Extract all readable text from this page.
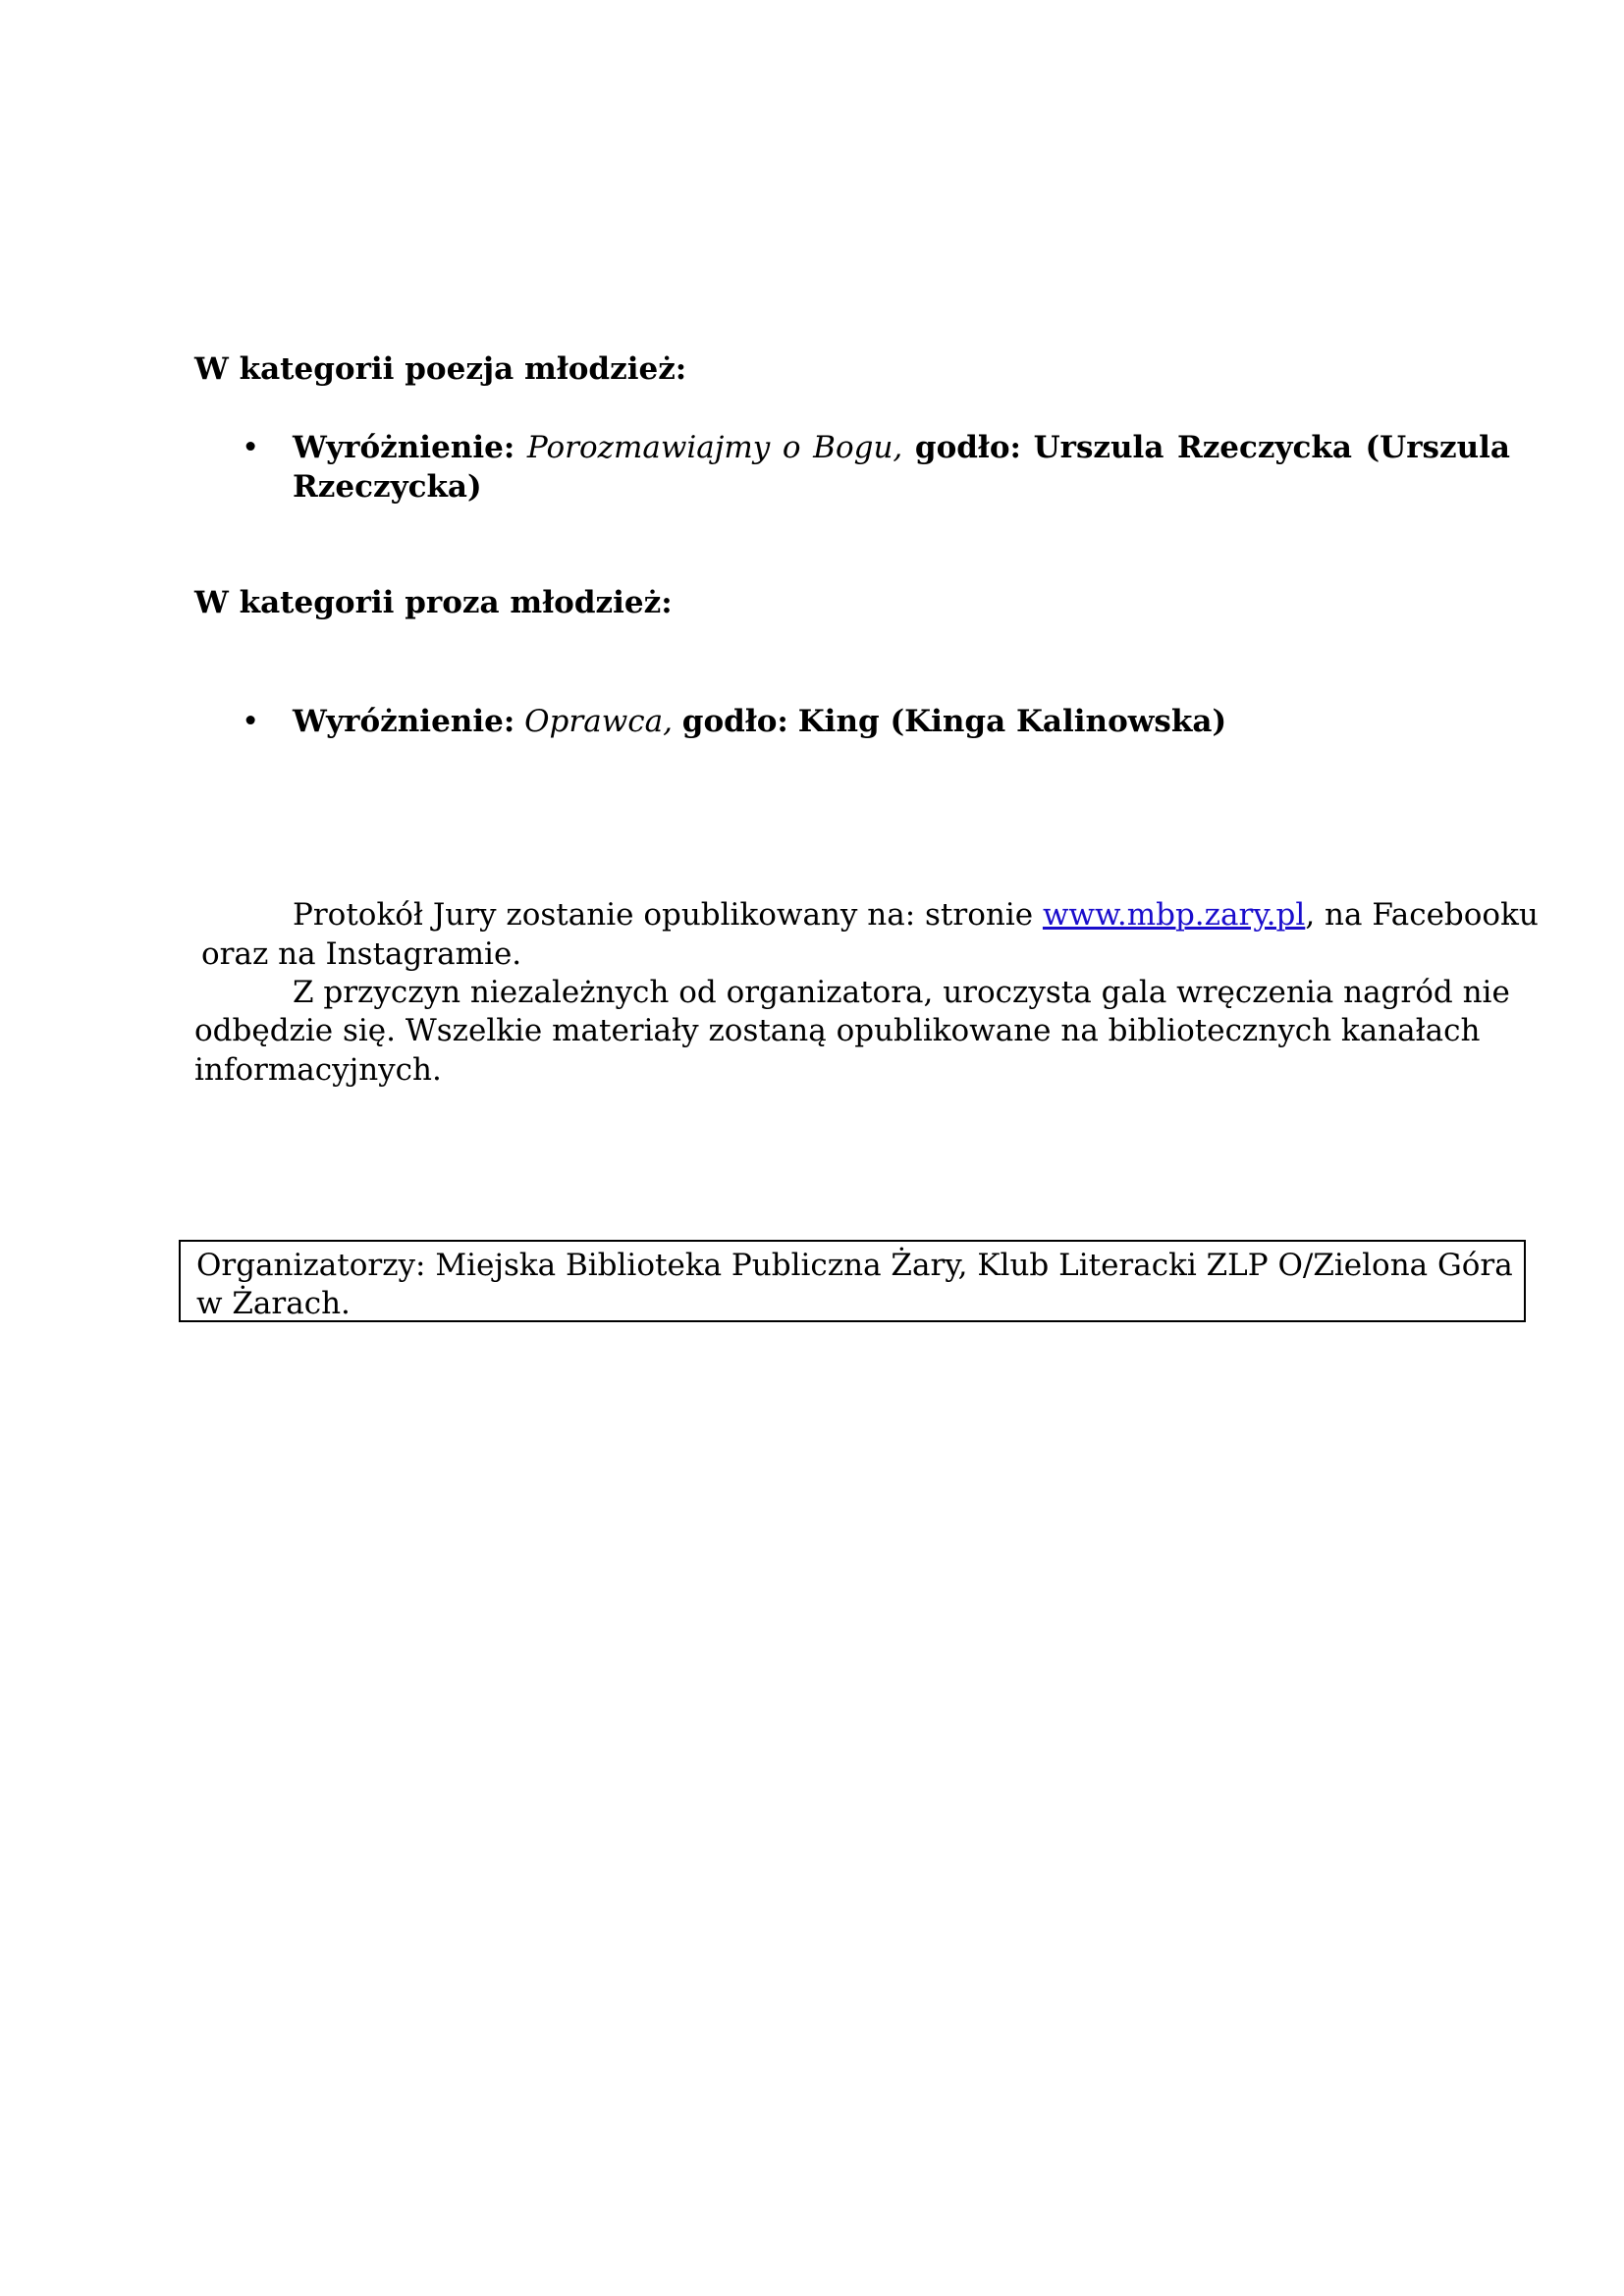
W kategorii poezja młodzież:
• Wyróżnienie: Porozmawiajmy o Bogu, godło: Urszula Rzeczycka (Urszula Rzeczycka)
W kategorii proza młodzież:
• Wyróżnienie: Oprawca, godło: King (Kinga Kalinowska)
Protokół Jury zostanie opublikowany na: stronie www.mbp.zary.pl, na Facebooku
oraz na Instagramie.
Z przyczyn niezależnych od organizatora, uroczysta gala wręczenia nagród nie
odbędzie się. Wszelkie materiały zostaną opublikowane na bibliotecznych kanałach
informacyjnych.
Organizatorzy: Miejska Biblioteka Publiczna Żary, Klub Literacki ZLP O/Zielona Góra
w Żarach.
